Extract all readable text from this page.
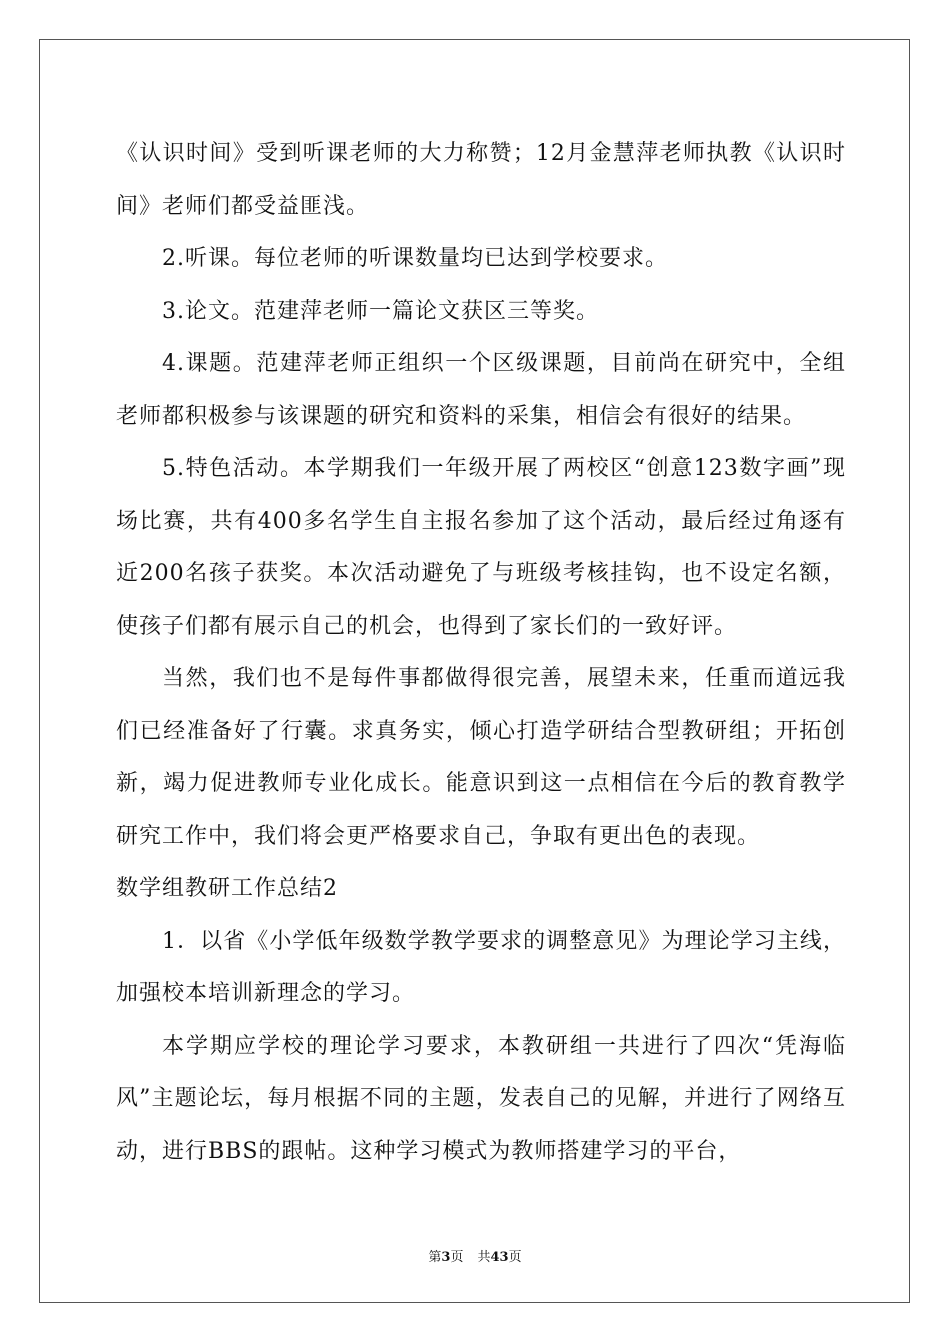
《认识时间》受到听课老师的大力称赞；12月金慧萍老师执教《认识时间》老师们都受益匪浅。

2.听课。每位老师的听课数量均已达到学校要求。

3.论文。范建萍老师一篇论文获区三等奖。

4.课题。范建萍老师正组织一个区级课题，目前尚在研究中，全组老师都积极参与该课题的研究和资料的采集，相信会有很好的结果。

5.特色活动。本学期我们一年级开展了两校区“创意123数字画”现场比赛，共有400多名学生自主报名参加了这个活动，最后经过角逐有近200名孩子获奖。本次活动避免了与班级考核挂钩，也不设定名额，使孩子们都有展示自己的机会，也得到了家长们的一致好评。

当然，我们也不是每件事都做得很完善，展望未来，任重而道远我们已经准备好了行囊。求真务实，倾心打造学研结合型教研组；开拓创新，竭力促进教师专业化成长。能意识到这一点相信在今后的教育教学研究工作中，我们将会更严格要求自己，争取有更出色的表现。

数学组教研工作总结2

1．以省《小学低年级数学教学要求的调整意见》为理论学习主线，加强校本培训新理念的学习。

本学期应学校的理论学习要求，本教研组一共进行了四次“凭海临风”主题论坛，每月根据不同的主题，发表自己的见解，并进行了网络互动，进行BBS的跟帖。这种学习模式为教师搭建学习的平台，

第3页 共43页
